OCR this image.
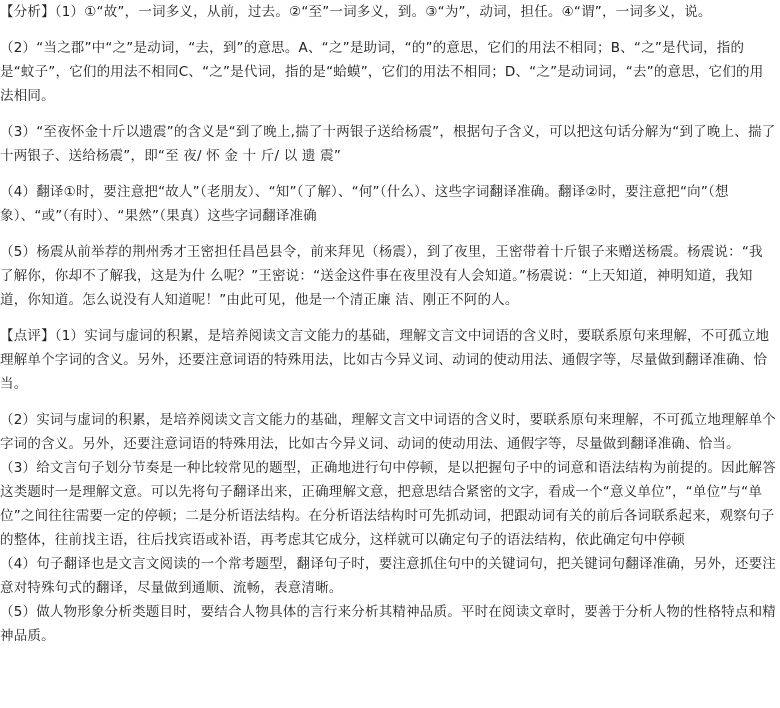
【分析】（1）①“故”，一词多义，从前，过去。②“至”一词多义，到。③“为”，动词，担任。④“谓”，一词多义，说。

（2）“当之郡”中“之”是动词，“去，到”的意思。A、“之”是助词，“的”的意思，它们的用法不相同；B、“之”是代词，指的是“蚊子”，它们的用法不相同C、“之”是代词，指的是“蛤蟆”，它们的用法不相同；D、“之”是动词词，“去”的意思，它们的用法相同。

（3）“至夜怀金十斤以遗震”的含义是“到了晚上,揣了十两银子送给杨震”，根据句子含义，可以把这句话分解为“到了晚上、揣了十两银子、送给杨震”，即“至 夜/ 怀 金 十 斤/ 以 遗 震”

（4）翻译①时，要注意把“故人”（老朋友）、“知”（了解）、“何”（什么）、这些字词翻译准确。翻译②时，要注意把“向”（想象）、“或”（有时）、“果然”（果真）这些字词翻译准确

（5）杨震从前举荐的荆州秀才王密担任昌邑县令，前来拜见（杨震），到了夜里，王密带着十斤银子来赠送杨震。杨震说：“我了解你，你却不了解我，这是为什 么呢？”王密说：“送金这件事在夜里没有人会知道。”杨震说：“上天知道，神明知道，我知道，你知道。怎么说没有人知道呢！”由此可见，他是一个清正廉 洁、刚正不阿的人。

【点评】（1）实词与虚词的积累，是培养阅读文言文能力的基础，理解文言文中词语的含义时，要联系原句来理解，不可孤立地理解单个字词的含义。另外，还要注意词语的特殊用法，比如古今异义词、动词的使动用法、通假字等，尽量做到翻译准确、恰当。

（2）实词与虚词的积累，是培养阅读文言文能力的基础，理解文言文中词语的含义时，要联系原句来理解，不可孤立地理解单个字词的含义。另外，还要注意词语的特殊用法，比如古今异义词、动词的使动用法、通假字等，尽量做到翻译准确、恰当。

（3）给文言句子划分节奏是一种比较常见的题型，正确地进行句中停顿，是以把握句子中的词意和语法结构为前提的。因此解答这类题时一是理解文意。可以先将句子翻译出来，正确理解文意，把意思结合紧密的文字，看成一个“意义单位”，“单位”与“单位”之间往往需要一定的停顿；二是分析语法结构。在分析语法结构时可先抓动词，把跟动词有关的前后各词联系起来，观察句子的整体，往前找主语，往后找宾语或补语，再考虑其它成分，这样就可以确定句子的语法结构，依此确定句中停顿

（4）句子翻译也是文言文阅读的一个常考题型，翻译句子时，要注意抓住句中的关键词句，把关键词句翻译准确，另外，还要注意对特殊句式的翻译，尽量做到通顺、流畅，表意清晰。

（5）做人物形象分析类题目时，要结合人物具体的言行来分析其精神品质。平时在阅读文章时，要善于分析人物的性格特点和精神品质。
